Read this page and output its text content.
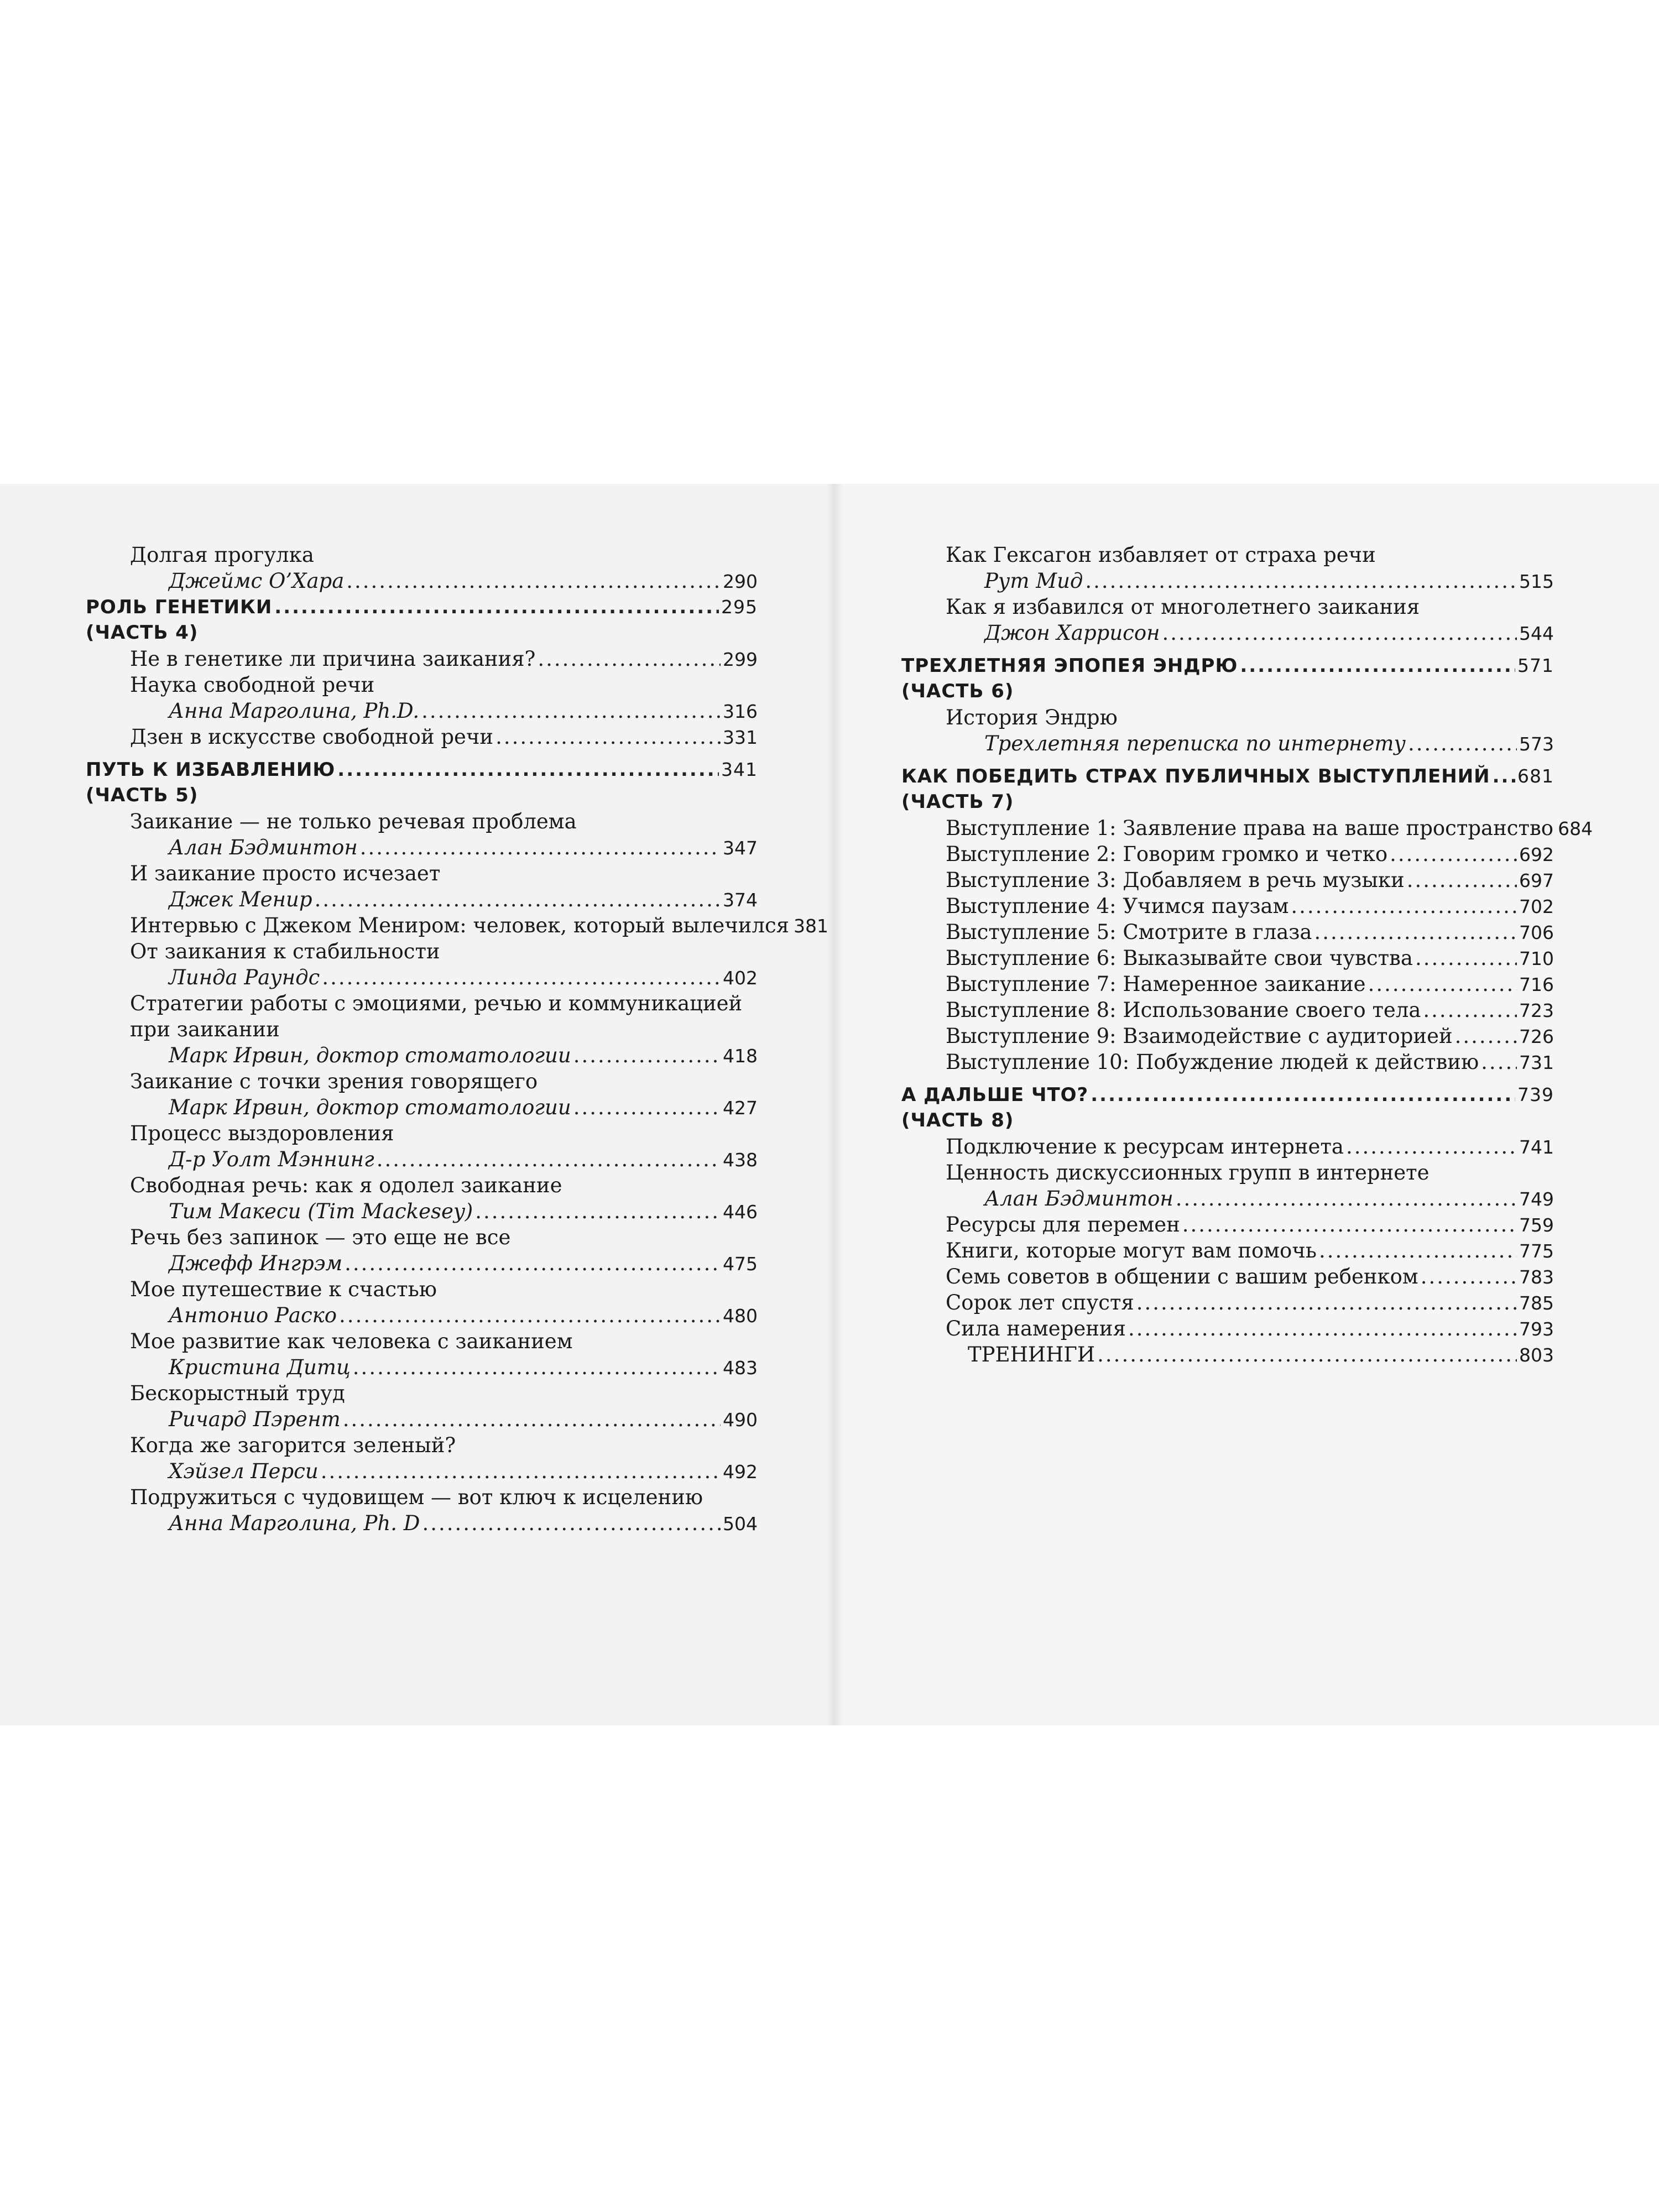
Долгая прогулка
Джеймс О’Хара .....	290
РОЛЬ ГЕНЕТИКИ .....	295
(ЧАСТЬ 4)
Не в генетике ли причина заикания? .....	299
Наука свободной речи
Анна Марголина, Ph.D. .....	316
Дзен в искусстве свободной речи .....	331
ПУТЬ К ИЗБАВЛЕНИЮ .....	341
(ЧАСТЬ 5)
Заикание — не только речевая проблема
Алан Бэдминтон .....	347
И заикание просто исчезает
Джек Менир .....	374
Интервью с Джеком Мениром: человек, который вылечился 381
От заикания к стабильности
Линда Раундс .....	402
Стратегии работы с эмоциями, речью и коммуникацией
при заикании
Марк Ирвин, доктор стоматологии .....	418
Заикание с точки зрения говорящего
Марк Ирвин, доктор стоматологии .....	427
Процесс выздоровления
Д-р Уолт Мэннинг .....	438
Свободная речь: как я одолел заикание
Тим Макеси (Tim Mackesey) .....	446
Речь без запинок — это еще не все
Джефф Ингрэм .....	475
Мое путешествие к счастью
Антонио Раско .....	480
Мое развитие как человека с заиканием
Кристина Дитц .....	483
Бескорыстный труд
Ричард Пэрент .....	490
Когда же загорится зеленый?
Хэйзел Перси .....	492
Подружиться с чудовищем — вот ключ к исцелению
Анна Марголина, Ph. D .....	504
Как Гексагон избавляет от страха речи
Рут Мид .....	515
Как я избавился от многолетнего заикания
Джон Харрисон .....	544
ТРЕХЛЕТНЯЯ ЭПОПЕЯ ЭНДРЮ .....	571
(ЧАСТЬ 6)
История Эндрю
Трехлетняя переписка по интернету .....	573
КАК ПОБЕДИТЬ СТРАХ ПУБЛИЧНЫХ ВЫСТУПЛЕНИЙ ..... 681
(ЧАСТЬ 7)
Выступление 1: Заявление права на ваше пространство 684
Выступление 2: Говорим громко и четко .....	692
Выступление 3: Добавляем в речь музыки .....	697
Выступление 4: Учимся паузам .....	702
Выступление 5: Смотрите в глаза .....	706
Выступление 6: Выказывайте свои чувства .....	710
Выступление 7: Намеренное заикание .....	716
Выступление 8: Использование своего тела .....	723
Выступление 9: Взаимодействие с аудиторией .....	726
Выступление 10: Побуждение людей к действию ..... 731
А ДАЛЬШЕ ЧТО? .....	739
(ЧАСТЬ 8)
Подключение к ресурсам интернета .....	741
Ценность дискуссионных групп в интернете
Алан Бэдминтон .....	749
Ресурсы для перемен .....	759
Книги, которые могут вам помочь .....	775
Семь советов в общении с вашим ребенком .....	783
Сорок лет спустя .....	785
Сила намерения .....	793
ТРЕНИНГИ .....	803
